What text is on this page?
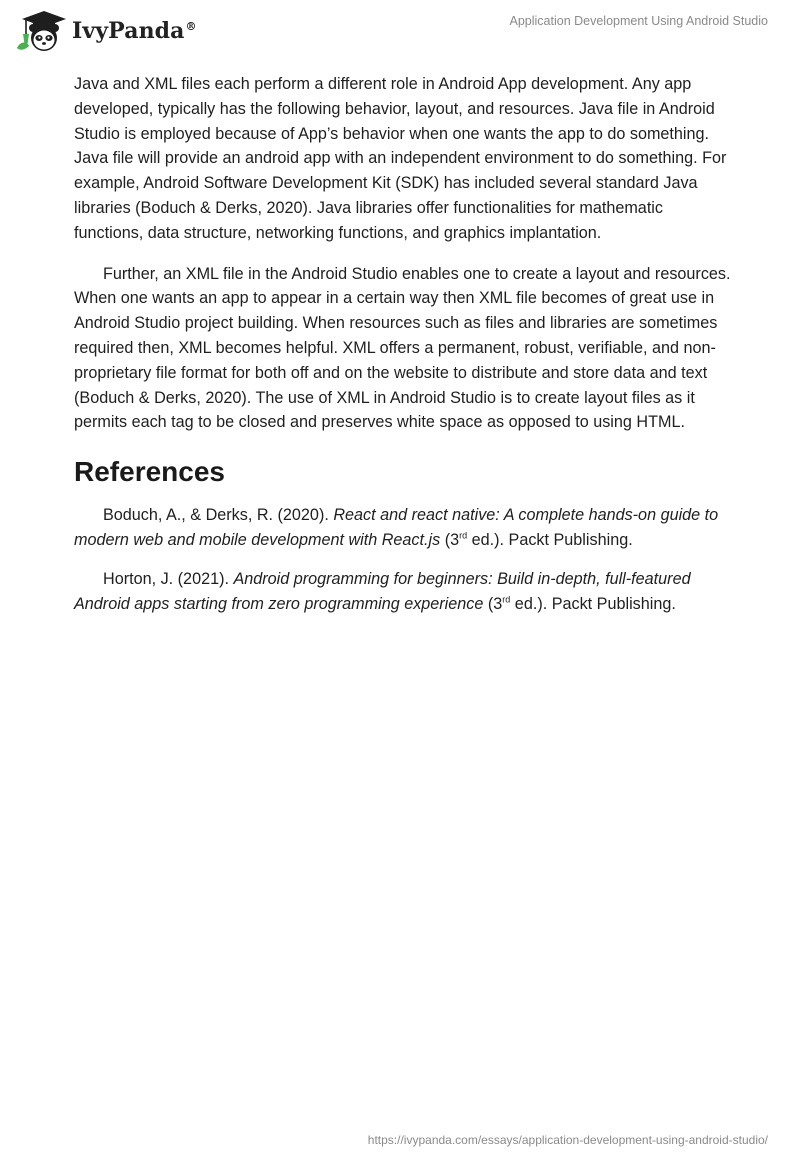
IvyPanda®	Application Development Using Android Studio

Java and XML files each perform a different role in Android App development. Any app developed, typically has the following behavior, layout, and resources. Java file in Android Studio is employed because of App’s behavior when one wants the app to do something. Java file will provide an android app with an independent environment to do something. For example, Android Software Development Kit (SDK) has included several standard Java libraries (Boduch & Derks, 2020). Java libraries offer functionalities for mathematic functions, data structure, networking functions, and graphics implantation.

Further, an XML file in the Android Studio enables one to create a layout and resources. When one wants an app to appear in a certain way then XML file becomes of great use in Android Studio project building. When resources such as files and libraries are sometimes required then, XML becomes helpful. XML offers a permanent, robust, verifiable, and non-proprietary file format for both off and on the website to distribute and store data and text (Boduch & Derks, 2020). The use of XML in Android Studio is to create layout files as it permits each tag to be closed and preserves white space as opposed to using HTML.

References

Boduch, A., & Derks, R. (2020). React and react native: A complete hands-on guide to modern web and mobile development with React.js (3rd ed.). Packt Publishing.

Horton, J. (2021). Android programming for beginners: Build in-depth, full-featured Android apps starting from zero programming experience (3rd ed.). Packt Publishing.

https://ivypanda.com/essays/application-development-using-android-studio/
